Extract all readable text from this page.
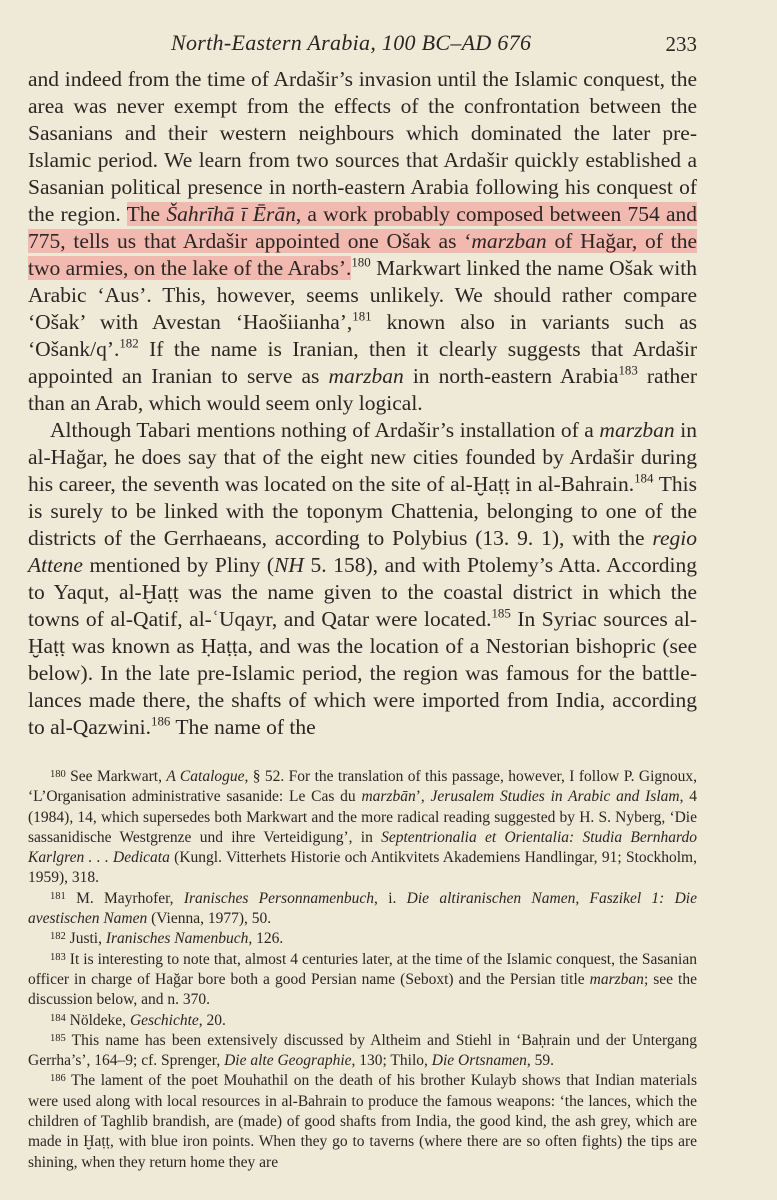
North-Eastern Arabia, 100 BC–AD 676	233

and indeed from the time of Ardašir’s invasion until the Islamic conquest, the area was never exempt from the effects of the confrontation between the Sasanians and their western neighbours which dominated the later pre-Islamic period. We learn from two sources that Ardašir quickly established a Sasanian political presence in north-eastern Arabia following his conquest of the region. The Šahrīhā ī Ērān, a work probably composed between 754 and 775, tells us that Ardašir appointed one Ošak as ‘marzban of Hağar, of the two armies, on the lake of the Arabs’.$^{180}$ Markwart linked the name Ošak with Arabic ‘Aus’. This, however, seems unlikely. We should rather compare ‘Ošak’ with Avestan ‘Haošiianha’,$^{181}$ known also in variants such as ‘Ošank/q’.$^{182}$ If the name is Iranian, then it clearly suggests that Ardašir appointed an Iranian to serve as marzban in north-eastern Arabia$^{183}$ rather than an Arab, which would seem only logical.

Although Tabari mentions nothing of Ardašir’s installation of a marzban in al-Hağar, he does say that of the eight new cities founded by Ardašir during his career, the seventh was located on the site of al-Ḫaṭṭ in al-Bahrain.$^{184}$ This is surely to be linked with the toponym Chattenia, belonging to one of the districts of the Gerrhaeans, according to Polybius (13. 9. 1), with the regio Attene mentioned by Pliny (NH 5. 158), and with Ptolemy’s Atta. According to Yaqut, al-Ḫaṭṭ was the name given to the coastal district in which the towns of al-Qatif, al-ʿUqayr, and Qatar were located.$^{185}$ In Syriac sources al-Ḫaṭṭ was known as Ḥaṭṭa, and was the location of a Nestorian bishopric (see below). In the late pre-Islamic period, the region was famous for the battle-lances made there, the shafts of which were imported from India, according to al-Qazwini.$^{186}$ The name of the

$^{180}$ See Markwart, A Catalogue, § 52. For the translation of this passage, however, I follow P. Gignoux, ‘L’Organisation administrative sasanide: Le Cas du marzbān’, Jerusalem Studies in Arabic and Islam, 4 (1984), 14, which supersedes both Markwart and the more radical reading suggested by H. S. Nyberg, ‘Die sassanidische Westgrenze und ihre Verteidigung’, in Septentrionalia et Orientalia: Studia Bernhardo Karlgren . . . Dedicata (Kungl. Vitterhets Historie och Antikvitets Akademiens Handlingar, 91; Stockholm, 1959), 318.

$^{181}$ M. Mayrhofer, Iranisches Personnamenbuch, i. Die altiranischen Namen, Faszikel 1: Die avestischen Namen (Vienna, 1977), 50.

$^{182}$ Justi, Iranisches Namenbuch, 126.

$^{183}$ It is interesting to note that, almost 4 centuries later, at the time of the Islamic conquest, the Sasanian officer in charge of Hağar bore both a good Persian name (Seboxt) and the Persian title marzban; see the discussion below, and n. 370.

$^{184}$ Nöldeke, Geschichte, 20.

$^{185}$ This name has been extensively discussed by Altheim and Stiehl in ‘Baḥrain und der Untergang Gerrha’s’, 164–9; cf. Sprenger, Die alte Geographie, 130; Thilo, Die Ortsnamen, 59.

$^{186}$ The lament of the poet Mouhathil on the death of his brother Kulayb shows that Indian materials were used along with local resources in al-Bahrain to produce the famous weapons: ‘the lances, which the children of Taghlib brandish, are (made) of good shafts from India, the good kind, the ash grey, which are made in Ḫaṭṭ, with blue iron points. When they go to taverns (where there are so often fights) the tips are shining, when they return home they are
